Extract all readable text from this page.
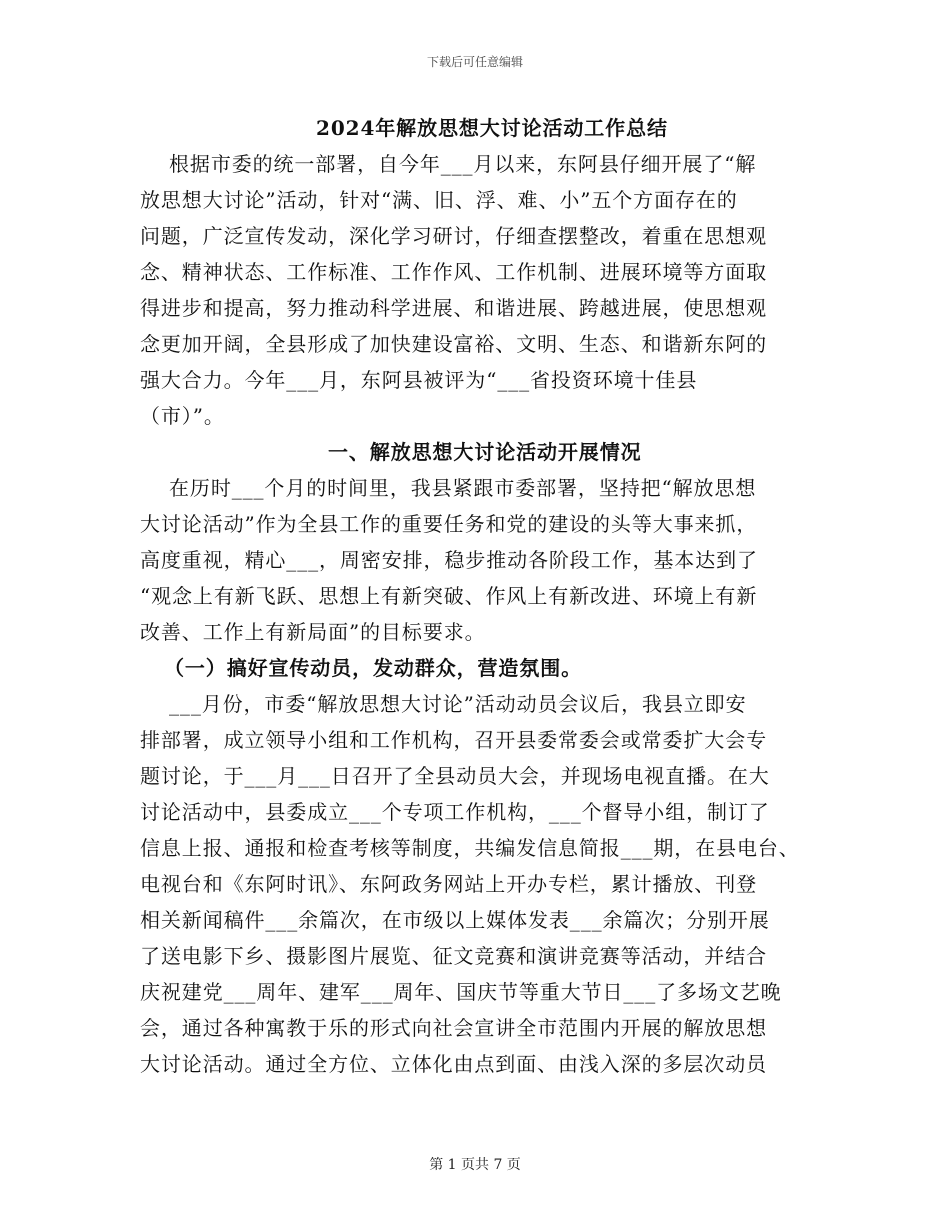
下载后可任意编辑
2024年解放思想大讨论活动工作总结
根据市委的统一部署，自今年___月以来，东阿县仔细开展了“解
放思想大讨论”活动，针对“满、旧、浮、难、小”五个方面存在的
问题，广泛宣传发动，深化学习研讨，仔细查摆整改，着重在思想观
念、精神状态、工作标准、工作作风、工作机制、进展环境等方面取
得进步和提高，努力推动科学进展、和谐进展、跨越进展，使思想观
念更加开阔，全县形成了加快建设富裕、文明、生态、和谐新东阿的
强大合力。今年___月，东阿县被评为“___省投资环境十佳县
（市）”。
一、解放思想大讨论活动开展情况
在历时___个月的时间里，我县紧跟市委部署，坚持把“解放思想
大讨论活动”作为全县工作的重要任务和党的建设的头等大事来抓，
高度重视，精心___，周密安排，稳步推动各阶段工作，基本达到了
“观念上有新飞跃、思想上有新突破、作风上有新改进、环境上有新
改善、工作上有新局面”的目标要求。
（一）搞好宣传动员，发动群众，营造氛围。
___月份，市委“解放思想大讨论”活动动员会议后，我县立即安
排部署，成立领导小组和工作机构，召开县委常委会或常委扩大会专
题讨论，于___月___日召开了全县动员大会，并现场电视直播。在大
讨论活动中，县委成立___个专项工作机构，___个督导小组，制订了
信息上报、通报和检查考核等制度，共编发信息简报___期，在县电台、
电视台和《东阿时讯》、东阿政务网站上开办专栏，累计播放、刊登
相关新闻稿件___余篇次，在市级以上媒体发表___余篇次；分别开展
了送电影下乡、摄影图片展览、征文竞赛和演讲竞赛等活动，并结合
庆祝建党___周年、建军___周年、国庆节等重大节日___了多场文艺晚
会，通过各种寓教于乐的形式向社会宣讲全市范围内开展的解放思想
大讨论活动。通过全方位、立体化由点到面、由浅入深的多层次动员
第 1 页共 7 页
